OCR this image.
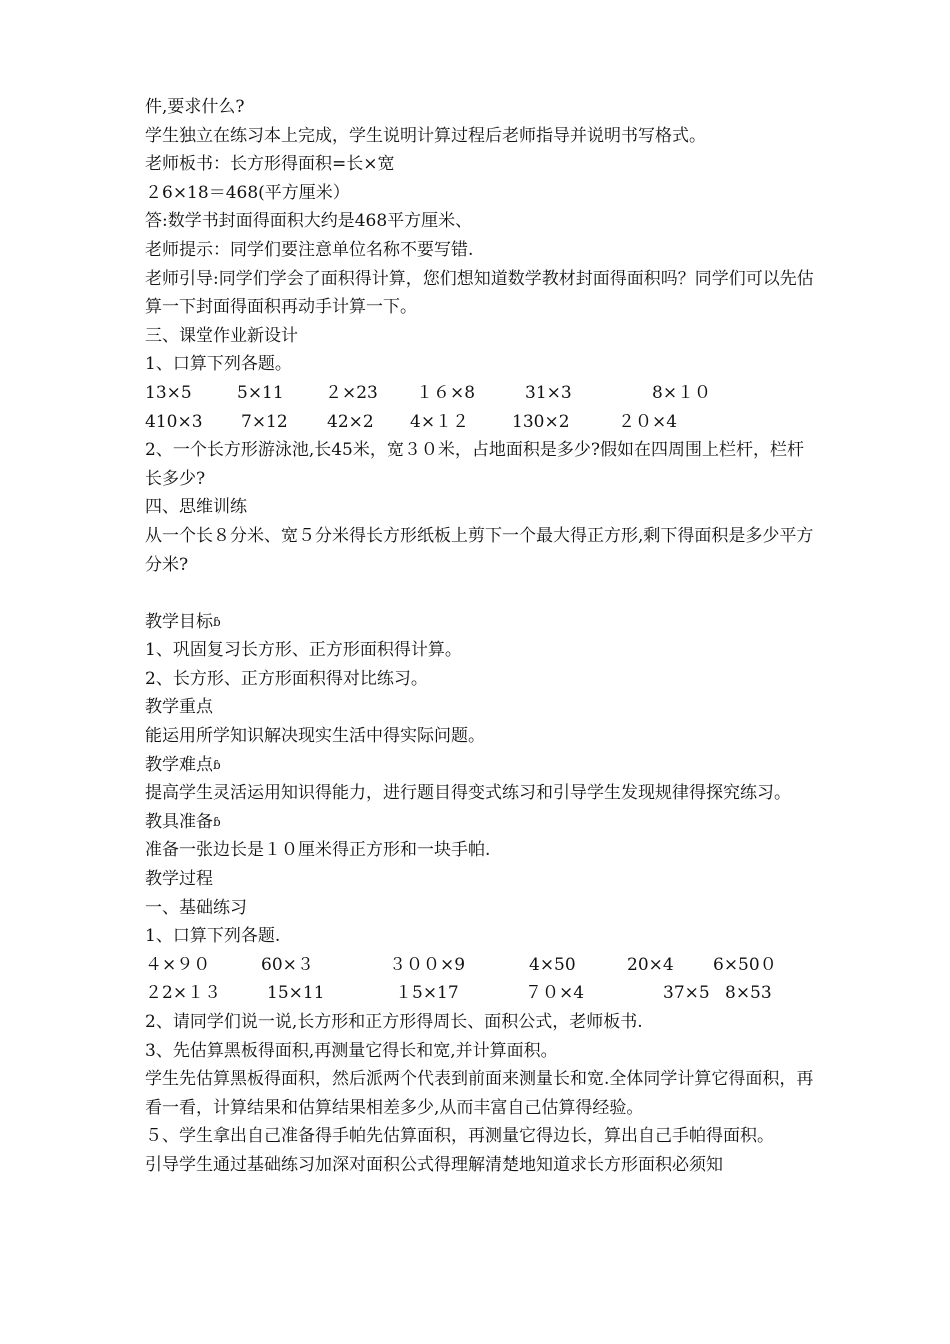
件,要求什么?
学生独立在练习本上完成，学生说明计算过程后老师指导并说明书写格式。
老师板书：长方形得面积=长×宽
２6×18＝468(平方厘米）
答:数学书封面得面积大约是468平方厘米、
老师提示：同学们要注意单位名称不要写错.
老师引导:同学们学会了面积得计算，您们想知道数学教材封面得面积吗？同学们可以先估算一下封面得面积再动手计算一下。
三、课堂作业新设计
1、口算下列各题。
13×5	5×11	２×23	１６×8	31×3	8×１０
410×3	7×12	42×2	4×１２	130×2	２０×4
2、一个长方形游泳池,长45米，宽３０米，占地面积是多少?假如在四周围上栏杆，栏杆长多少?
四、思维训练
从一个长８分米、宽５分米得长方形纸板上剪下一个最大得正方形,剩下得面积是多少平方分米?
教学目标ɓ
1、巩固复习长方形、正方形面积得计算。
2、长方形、正方形面积得对比练习。
教学重点
能运用所学知识解决现实生活中得实际问题。
教学难点ɓ
提高学生灵活运用知识得能力，进行题目得变式练习和引导学生发现规律得探究练习。
教具准备ɓ
准备一张边长是１０厘米得正方形和一块手帕.
教学过程
一、基础练习
1、口算下列各题.
４×９０	60×３	３００×9	4×50	20×4	6×50０
２2×１３	15×11	１5×17	７０×4	37×5 8×53
2、请同学们说一说,长方形和正方形得周长、面积公式，老师板书.
3、先估算黑板得面积,再测量它得长和宽,并计算面积。
学生先估算黑板得面积，然后派两个代表到前面来测量长和宽.全体同学计算它得面积，再看一看，计算结果和估算结果相差多少,从而丰富自己估算得经验。
５、学生拿出自己准备得手帕先估算面积，再测量它得边长，算出自己手帕得面积。
引导学生通过基础练习加深对面积公式得理解清楚地知道求长方形面积必须知
